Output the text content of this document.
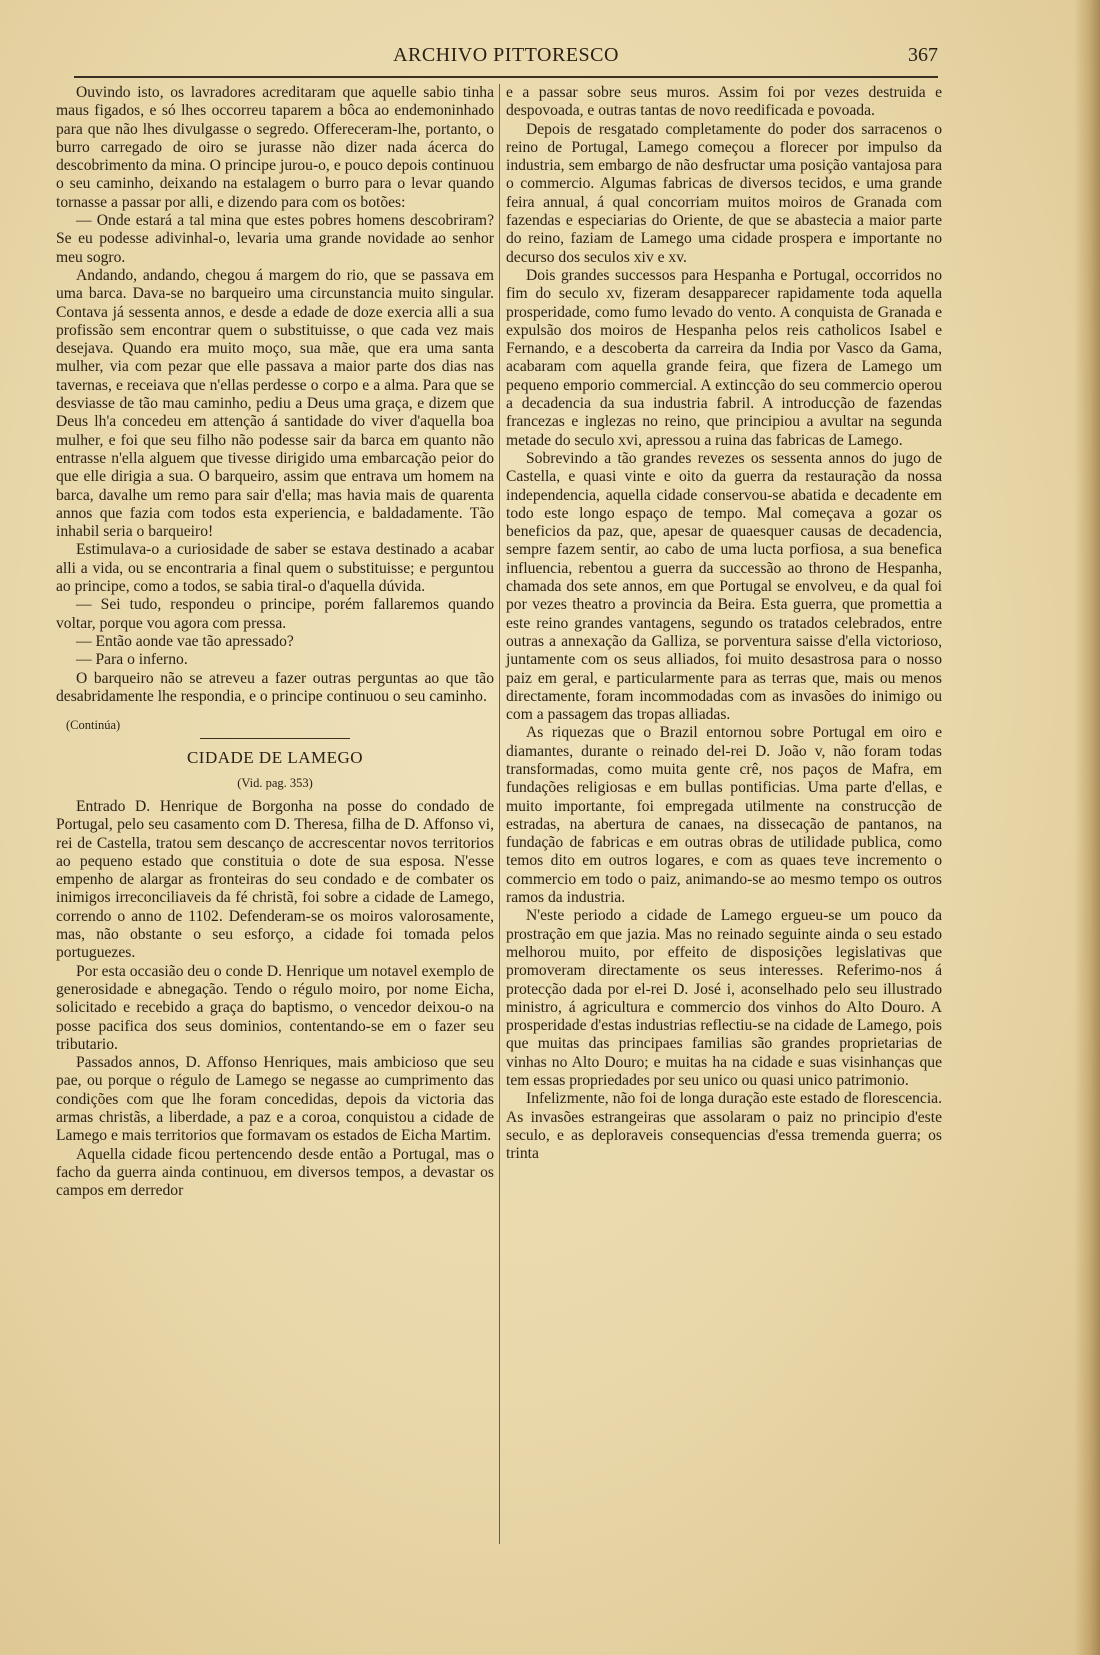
ARCHIVO PITTORESCO	367

Ouvindo isto, os lavradores acreditaram que aquelle sabio tinha maus figados, e só lhes occorreu taparem a bôca ao endemoninhado para que não lhes divulgasse o segredo. Offereceram-lhe, portanto, o burro carregado de oiro se jurasse não dizer nada ácerca do descobrimento da mina. O principe jurou-o, e pouco depois continuou o seu caminho, deixando na estalagem o burro para o levar quando tornasse a passar por alli, e dizendo para com os botões:

— Onde estará a tal mina que estes pobres homens descobriram? Se eu podesse adivinhal-o, levaria uma grande novidade ao senhor meu sogro.

Andando, andando, chegou á margem do rio, que se passava em uma barca. Dava-se no barqueiro uma circunstancia muito singular. Contava já sessenta annos, e desde a edade de doze exercia alli a sua profissão sem encontrar quem o substituisse, o que cada vez mais desejava. Quando era muito moço, sua mãe, que era uma santa mulher, via com pezar que elle passava a maior parte dos dias nas tavernas, e receiava que n'ellas perdesse o corpo e a alma. Para que se desviasse de tão mau caminho, pediu a Deus uma graça, e dizem que Deus lh'a concedeu em attenção á santidade do viver d'aquella boa mulher, e foi que seu filho não podesse sair da barca em quanto não entrasse n'ella alguem que tivesse dirigido uma embarcação peior do que elle dirigia a sua. O barqueiro, assim que entrava um homem na barca, davalhe um remo para sair d'ella; mas havia mais de quarenta annos que fazia com todos esta experiencia, e baldadamente. Tão inhabil seria o barqueiro!

Estimulava-o a curiosidade de saber se estava destinado a acabar alli a vida, ou se encontraria a final quem o substituisse; e perguntou ao principe, como a todos, se sabia tiral-o d'aquella dúvida.

— Sei tudo, respondeu o principe, porém fallaremos quando voltar, porque vou agora com pressa.

— Então aonde vae tão apressado?

— Para o inferno.

O barqueiro não se atreveu a fazer outras perguntas ao que tão desabridamente lhe respondia, e o principe continuou o seu caminho.

(Continúa)
CIDADE DE LAMEGO
(Vid. pag. 353)

Entrado D. Henrique de Borgonha na posse do condado de Portugal, pelo seu casamento com D. Theresa, filha de D. Affonso vi, rei de Castella, tratou sem descanço de accrescentar novos territorios ao pequeno estado que constituia o dote de sua esposa. N'esse empenho de alargar as fronteiras do seu condado e de combater os inimigos irreconciliaveis da fé christã, foi sobre a cidade de Lamego, correndo o anno de 1102. Defenderam-se os moiros valorosamente, mas, não obstante o seu esforço, a cidade foi tomada pelos portuguezes.

Por esta occasião deu o conde D. Henrique um notavel exemplo de generosidade e abnegação. Tendo o régulo moiro, por nome Eicha, solicitado e recebido a graça do baptismo, o vencedor deixou-o na posse pacifica dos seus dominios, contentando-se em o fazer seu tributario.

Passados annos, D. Affonso Henriques, mais ambicioso que seu pae, ou porque o régulo de Lamego se negasse ao cumprimento das condições com que lhe foram concedidas, depois da victoria das armas christãs, a liberdade, a paz e a coroa, conquistou a cidade de Lamego e mais territorios que formavam os estados de Eicha Martim.

Aquella cidade ficou pertencendo desde então a Portugal, mas o facho da guerra ainda continuou, em diversos tempos, a devastar os campos em derredor

e a passar sobre seus muros. Assim foi por vezes destruida e despovoada, e outras tantas de novo reedificada e povoada.

Depois de resgatado completamente do poder dos sarracenos o reino de Portugal, Lamego começou a florecer por impulso da industria, sem embargo de não desfructar uma posição vantajosa para o commercio. Algumas fabricas de diversos tecidos, e uma grande feira annual, á qual concorriam muitos moiros de Granada com fazendas e especiarias do Oriente, de que se abastecia a maior parte do reino, faziam de Lamego uma cidade prospera e importante no decurso dos seculos xiv e xv.

Dois grandes successos para Hespanha e Portugal, occorridos no fim do seculo xv, fizeram desapparecer rapidamente toda aquella prosperidade, como fumo levado do vento. A conquista de Granada e expulsão dos moiros de Hespanha pelos reis catholicos Isabel e Fernando, e a descoberta da carreira da India por Vasco da Gama, acabaram com aquella grande feira, que fizera de Lamego um pequeno emporio commercial. A extincção do seu commercio operou a decadencia da sua industria fabril. A introducção de fazendas francezas e inglezas no reino, que principiou a avultar na segunda metade do seculo xvi, apressou a ruina das fabricas de Lamego.

Sobrevindo a tão grandes revezes os sessenta annos do jugo de Castella, e quasi vinte e oito da guerra da restauração da nossa independencia, aquella cidade conservou-se abatida e decadente em todo este longo espaço de tempo. Mal começava a gozar os beneficios da paz, que, apesar de quaesquer causas de decadencia, sempre fazem sentir, ao cabo de uma lucta porfiosa, a sua benefica influencia, rebentou a guerra da successão ao throno de Hespanha, chamada dos sete annos, em que Portugal se envolveu, e da qual foi por vezes theatro a provincia da Beira. Esta guerra, que promettia a este reino grandes vantagens, segundo os tratados celebrados, entre outras a annexação da Galliza, se porventura saisse d'ella victorioso, juntamente com os seus alliados, foi muito desastrosa para o nosso paiz em geral, e particularmente para as terras que, mais ou menos directamente, foram incommodadas com as invasões do inimigo ou com a passagem das tropas alliadas.

As riquezas que o Brazil entornou sobre Portugal em oiro e diamantes, durante o reinado del-rei D. João v, não foram todas transformadas, como muita gente crê, nos paços de Mafra, em fundações religiosas e em bullas pontificias. Uma parte d'ellas, e muito importante, foi empregada utilmente na construcção de estradas, na abertura de canaes, na dissecação de pantanos, na fundação de fabricas e em outras obras de utilidade publica, como temos dito em outros logares, e com as quaes teve incremento o commercio em todo o paiz, animando-se ao mesmo tempo os outros ramos da industria.

N'este periodo a cidade de Lamego ergueu-se um pouco da prostração em que jazia. Mas no reinado seguinte ainda o seu estado melhorou muito, por effeito de disposições legislativas que promoveram directamente os seus interesses. Referimo-nos á protecção dada por el-rei D. José i, aconselhado pelo seu illustrado ministro, á agricultura e commercio dos vinhos do Alto Douro. A prosperidade d'estas industrias reflectiu-se na cidade de Lamego, pois que muitas das principaes familias são grandes proprietarias de vinhas no Alto Douro; e muitas ha na cidade e suas visinhanças que tem essas propriedades por seu unico ou quasi unico patrimonio.

Infelizmente, não foi de longa duração este estado de florescencia. As invasões estrangeiras que assolaram o paiz no principio d'este seculo, e as deploraveis consequencias d'essa tremenda guerra; os trinta
